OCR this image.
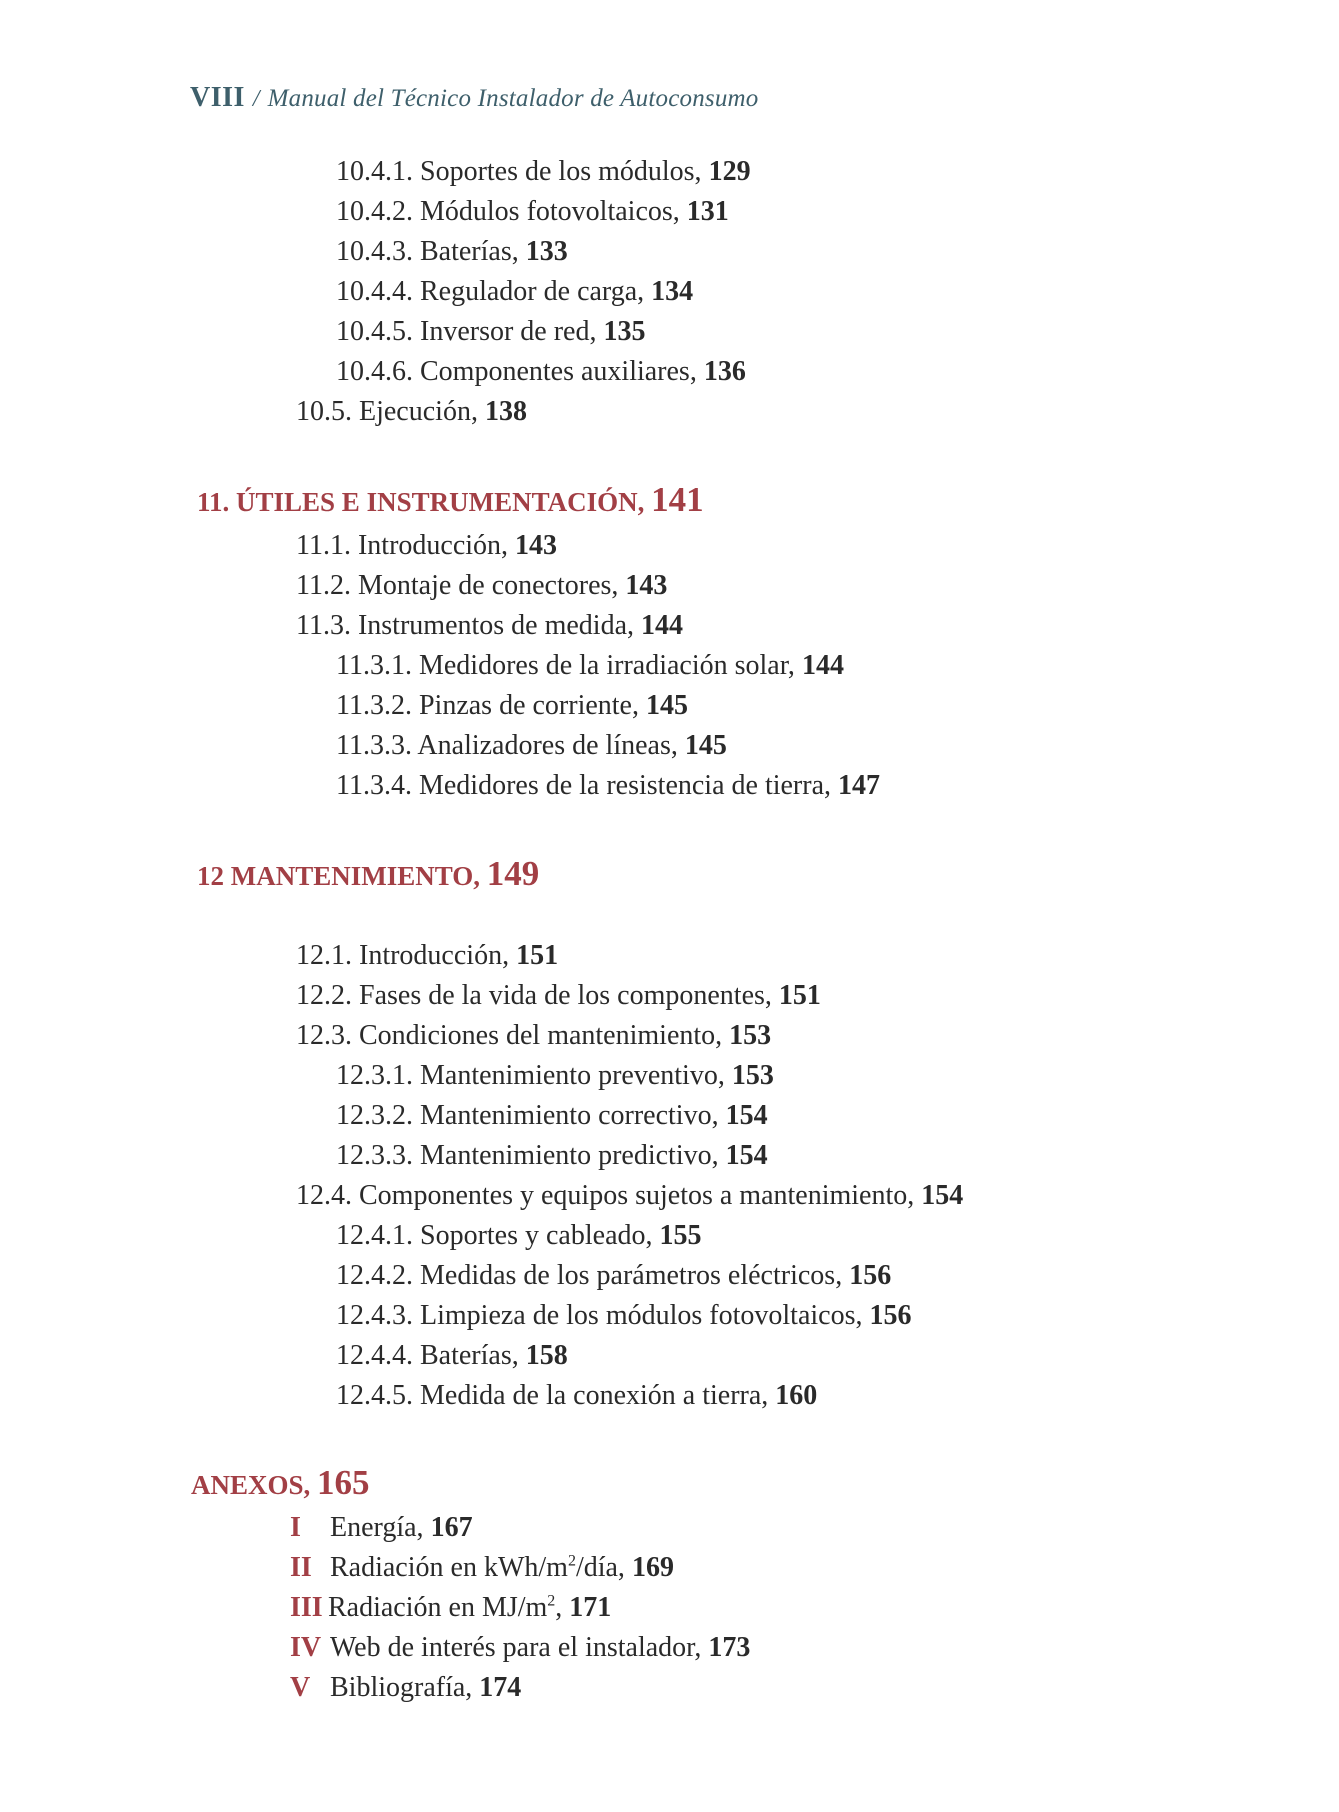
VIII / Manual del Técnico Instalador de Autoconsumo
10.4.1. Soportes de los módulos, 129
10.4.2. Módulos fotovoltaicos, 131
10.4.3. Baterías, 133
10.4.4. Regulador de carga, 134
10.4.5. Inversor de red, 135
10.4.6. Componentes auxiliares, 136
10.5. Ejecución, 138
11. ÚTILES E INSTRUMENTACIÓN, 141
11.1. Introducción, 143
11.2. Montaje de conectores, 143
11.3. Instrumentos de medida, 144
11.3.1. Medidores de la irradiación solar, 144
11.3.2. Pinzas de corriente, 145
11.3.3. Analizadores de líneas, 145
11.3.4. Medidores de la resistencia de tierra, 147
12 MANTENIMIENTO, 149
12.1. Introducción, 151
12.2. Fases de la vida de los componentes, 151
12.3. Condiciones del mantenimiento, 153
12.3.1. Mantenimiento preventivo, 153
12.3.2. Mantenimiento correctivo, 154
12.3.3. Mantenimiento predictivo, 154
12.4. Componentes y equipos sujetos a mantenimiento, 154
12.4.1. Soportes y cableado, 155
12.4.2. Medidas de los parámetros eléctricos, 156
12.4.3. Limpieza de los módulos fotovoltaicos, 156
12.4.4. Baterías, 158
12.4.5. Medida de la conexión a tierra, 160
ANEXOS, 165
I Energía, 167
II Radiación en kWh/$m^2$/día, 169
III Radiación en $MJ/m^2$, 171
IV Web de interés para el instalador, 173
V Bibliografía, 174
